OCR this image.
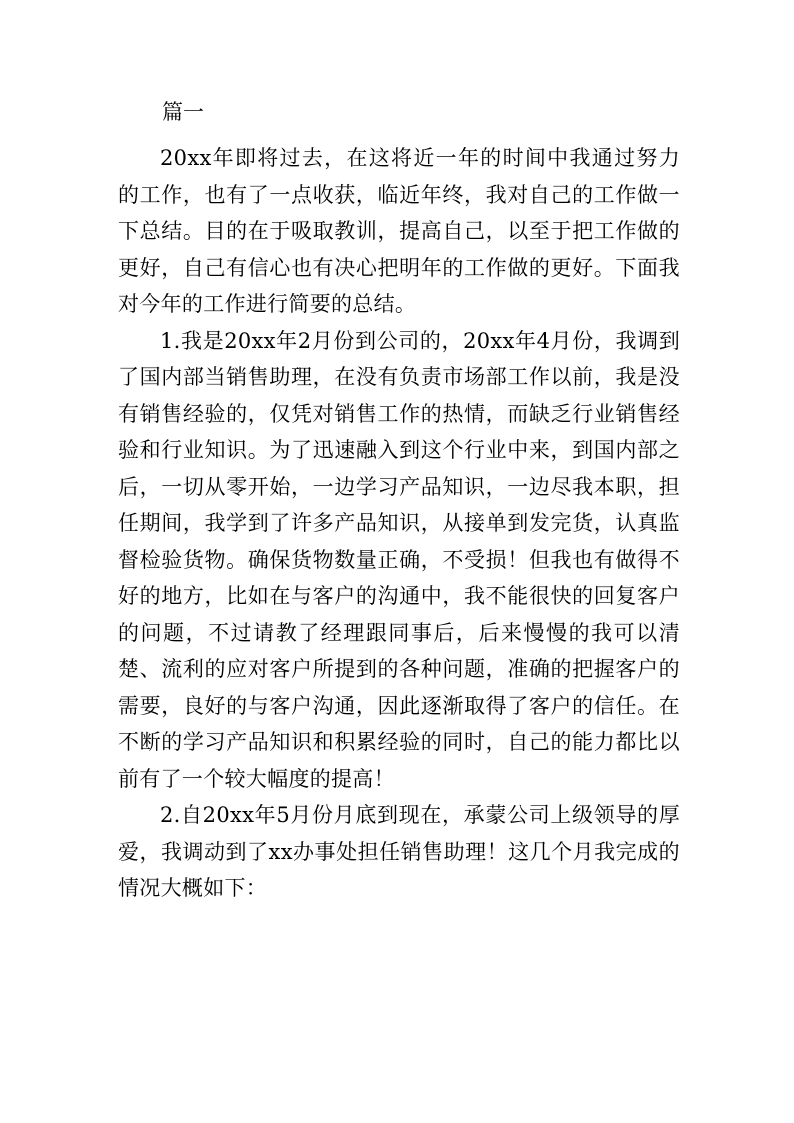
篇一

20xx年即将过去，在这将近一年的时间中我通过努力的工作，也有了一点收获，临近年终，我对自己的工作做一下总结。目的在于吸取教训，提高自己，以至于把工作做的更好，自己有信心也有决心把明年的工作做的更好。下面我对今年的工作进行简要的总结。

1.我是20xx年2月份到公司的，20xx年4月份，我调到了国内部当销售助理，在没有负责市场部工作以前，我是没有销售经验的，仅凭对销售工作的热情，而缺乏行业销售经验和行业知识。为了迅速融入到这个行业中来，到国内部之后，一切从零开始，一边学习产品知识，一边尽我本职，担任期间，我学到了许多产品知识，从接单到发完货，认真监督检验货物。确保货物数量正确，不受损！但我也有做得不好的地方，比如在与客户的沟通中，我不能很快的回复客户的问题，不过请教了经理跟同事后，后来慢慢的我可以清楚、流利的应对客户所提到的各种问题，准确的把握客户的需要，良好的与客户沟通，因此逐渐取得了客户的信任。在不断的学习产品知识和积累经验的同时，自己的能力都比以前有了一个较大幅度的提高！

2.自20xx年5月份月底到现在，承蒙公司上级领导的厚爱，我调动到了xx办事处担任销售助理！这几个月我完成的情况大概如下：
